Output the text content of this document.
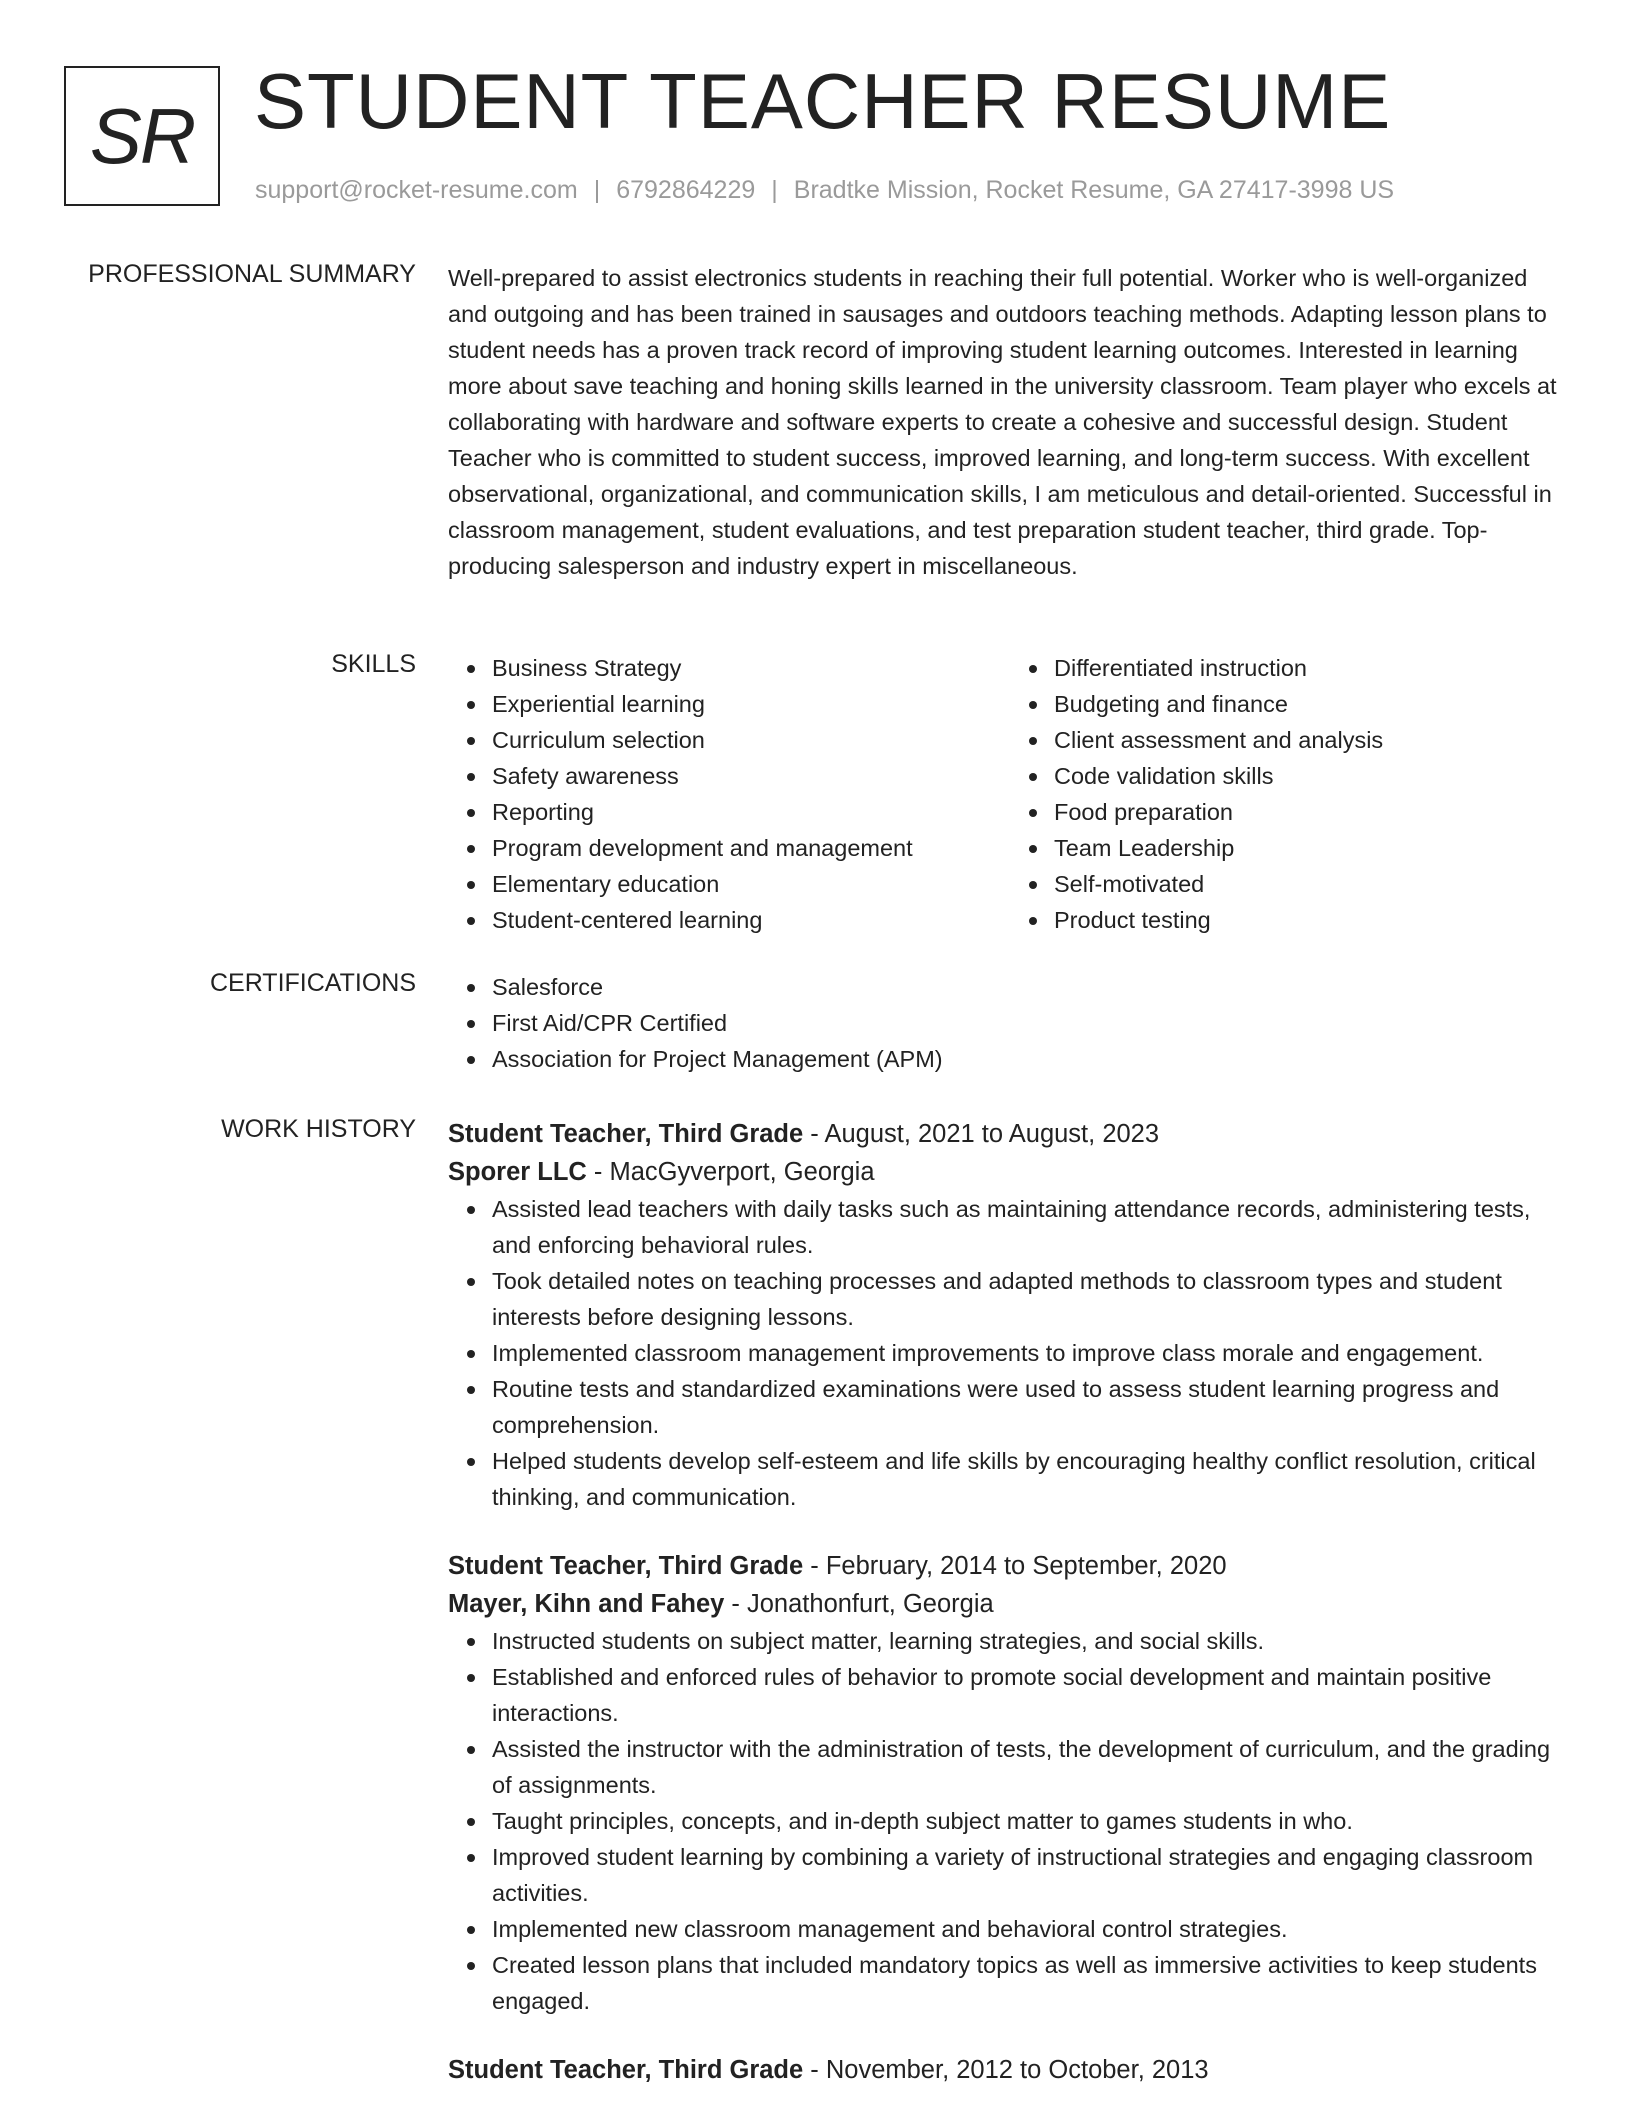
SR STUDENT TEACHER RESUME
support@rocket-resume.com | 6792864229 | Bradtke Mission, Rocket Resume, GA 27417-3998 US
PROFESSIONAL SUMMARY Well-prepared to assist electronics students in reaching their full potential. Worker who is well-organized and outgoing and has been trained in sausages and outdoors teaching methods. Adapting lesson plans to student needs has a proven track record of improving student learning outcomes. Interested in learning more about save teaching and honing skills learned in the university classroom. Team player who excels at collaborating with hardware and software experts to create a cohesive and successful design. Student Teacher who is committed to student success, improved learning, and long-term success. With excellent observational, organizational, and communication skills, I am meticulous and detail-oriented. Successful in classroom management, student evaluations, and test preparation student teacher, third grade. Top-producing salesperson and industry expert in miscellaneous.

SKILLS	Business Strategy
Experiential learning
Curriculum selection
Safety awareness
Reporting
Program development and management
Elementary education
Student-centered learning
Differentiated instruction
Budgeting and finance
Client assessment and analysis
Code validation skills
Food preparation
Team Leadership
Self-motivated
Product testing
CERTIFICATIONS	Salesforce
First Aid/CPR Certified
Association for Project Management (APM)
WORK HISTORY Student Teacher, Third Grade - August, 2021 to August, 2023
Sporer LLC - MacGyverport, Georgia
Assisted lead teachers with daily tasks such as maintaining attendance records, administering tests, and enforcing behavioral rules.
Took detailed notes on teaching processes and adapted methods to classroom types and student interests before designing lessons.
Implemented classroom management improvements to improve class morale and engagement.
Routine tests and standardized examinations were used to assess student learning progress and comprehension.
Helped students develop self-esteem and life skills by encouraging healthy conflict resolution, critical thinking, and communication.
Student Teacher, Third Grade - February, 2014 to September, 2020
Mayer, Kihn and Fahey - Jonathonfurt, Georgia
Instructed students on subject matter, learning strategies, and social skills.
Established and enforced rules of behavior to promote social development and maintain positive interactions.
Assisted the instructor with the administration of tests, the development of curriculum, and the grading of assignments.
Taught principles, concepts, and in-depth subject matter to games students in who.
Improved student learning by combining a variety of instructional strategies and engaging classroom activities.
Implemented new classroom management and behavioral control strategies.
Created lesson plans that included mandatory topics as well as immersive activities to keep students engaged.
Student Teacher, Third Grade - November, 2012 to October, 2013
